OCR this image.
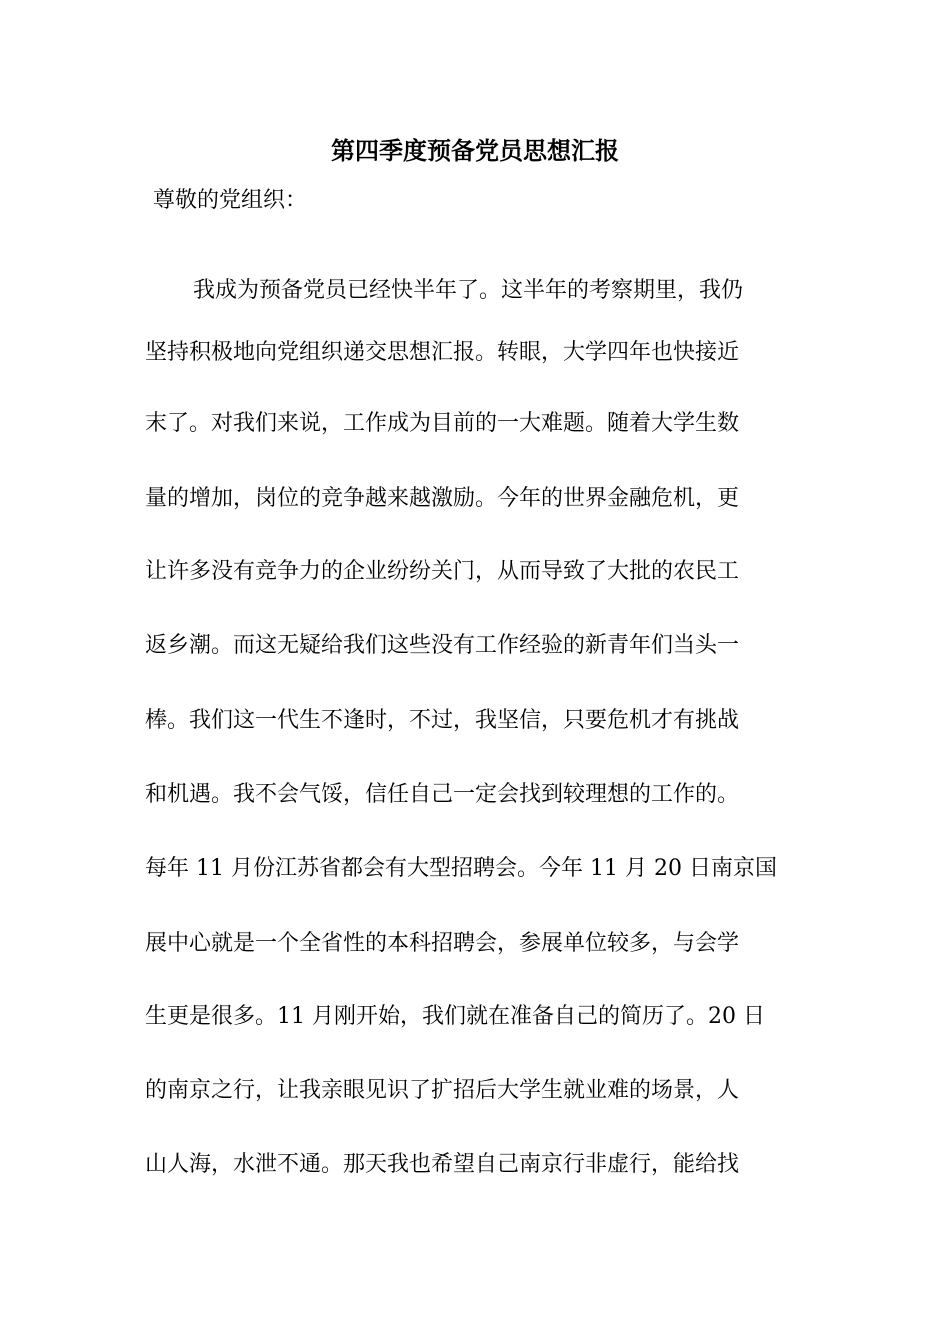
第四季度预备党员思想汇报

尊敬的党组织：

我成为预备党员已经快半年了。这半年的考察期里，我仍

坚持积极地向党组织递交思想汇报。转眼，大学四年也快接近

末了。对我们来说，工作成为目前的一大难题。随着大学生数

量的增加，岗位的竞争越来越激励。今年的世界金融危机，更

让许多没有竞争力的企业纷纷关门，从而导致了大批的农民工

返乡潮。而这无疑给我们这些没有工作经验的新青年们当头一

棒。我们这一代生不逢时，不过，我坚信，只要危机才有挑战

和机遇。我不会气馁，信任自己一定会找到较理想的工作的。

每年 11 月份江苏省都会有大型招聘会。今年 11 月 20 日南京国

展中心就是一个全省性的本科招聘会，参展单位较多，与会学

生更是很多。11 月刚开始，我们就在准备自己的简历了。20 日

的南京之行，让我亲眼见识了扩招后大学生就业难的场景，人

山人海，水泄不通。那天我也希望自己南京行非虚行，能给找
